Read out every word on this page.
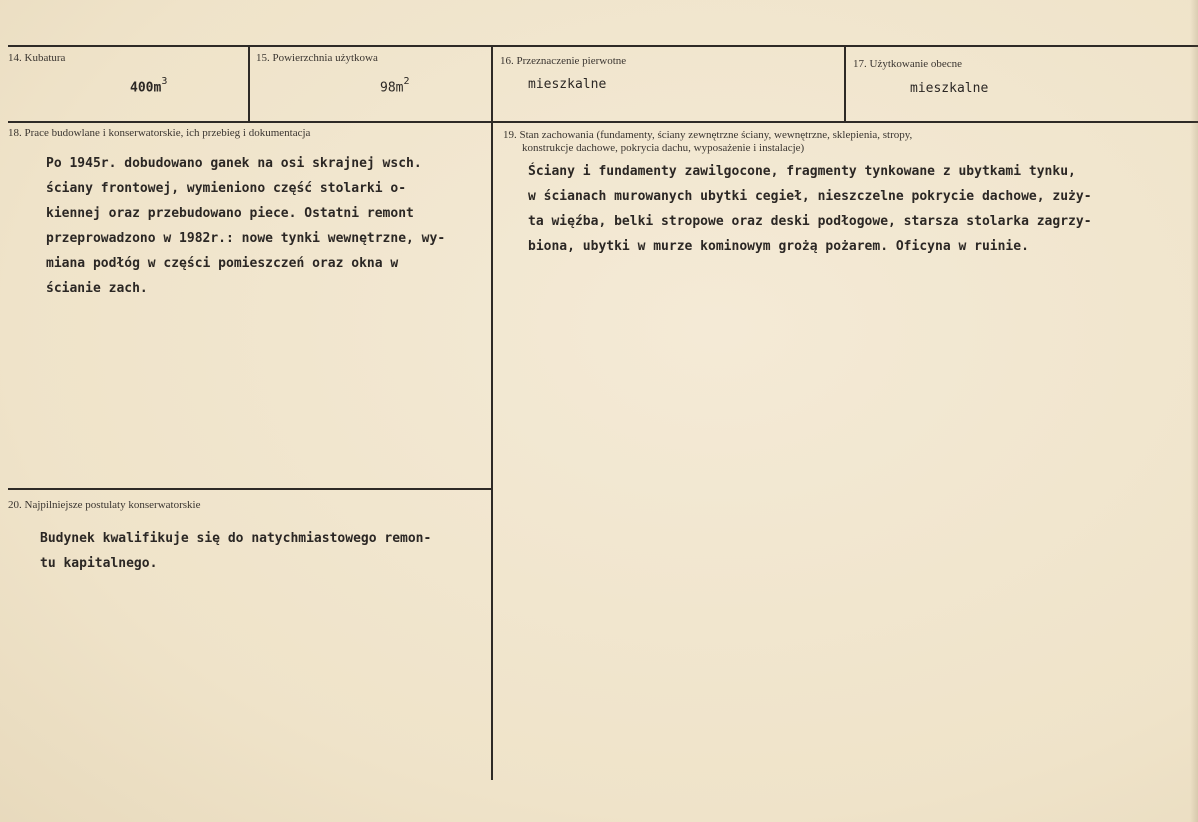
14. Kubatura
$400m^3$
15. Powierzchnia użytkowa
$98m^2$
16. Przeznaczenie pierwotne
mieszkalne
17. Użytkowanie obecne
mieszkalne
18. Prace budowlane i konserwatorskie, ich przebieg i dokumentacja
Po 1945r. dobudowano ganek na osi skrajnej wsch.
ściany frontowej, wymieniono część stolarki o-
kiennej oraz przebudowano piece. Ostatni remont
przeprowadzono w 1982r.: nowe tynki wewnętrzne, wy-
miana podłóg w części pomieszczeń oraz okna w
ścianie zach.
19. Stan zachowania (fundamenty, ściany zewnętrzne ściany, wewnętrzne, sklepienia, stropy,
konstrukcje dachowe, pokrycia dachu, wyposażenie i instalacje)
Ściany i fundamenty zawilgocone, fragmenty tynkowane z ubytkami tynku,
w ścianach murowanych ubytki cegieł, nieszczelne pokrycie dachowe, zuży-
ta więźba, belki stropowe oraz deski podłogowe, starsza stolarka zagrzy-
biona, ubytki w murze kominowym grożą pożarem. Oficyna w ruinie.
20. Najpilniejsze postulaty konserwatorskie
Budynek kwalifikuje się do natychmiastowego remon-
tu kapitalnego.
